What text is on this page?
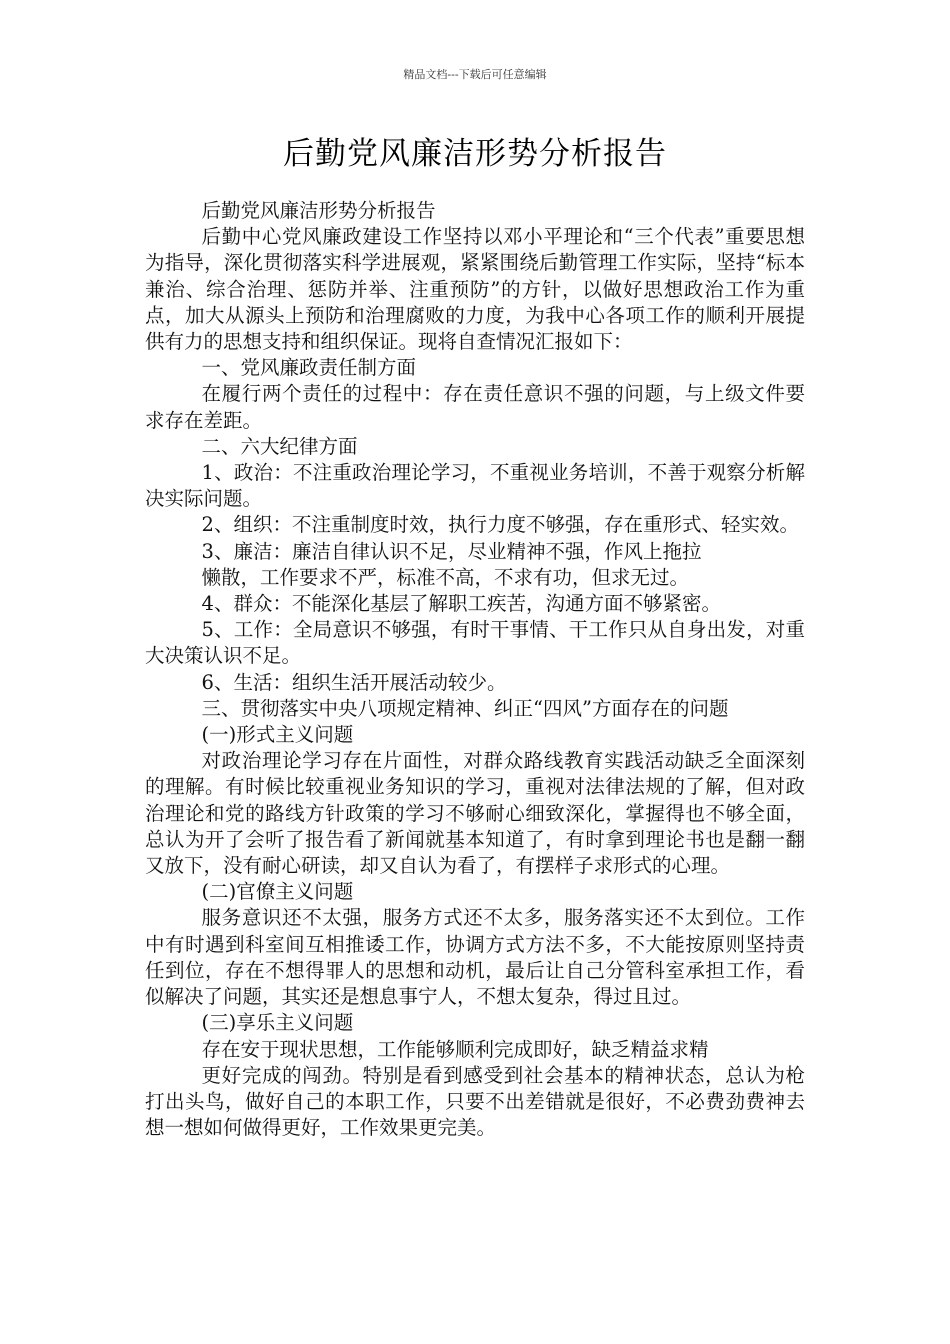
精品文档---下载后可任意编辑
后勤党风廉洁形势分析报告

后勤党风廉洁形势分析报告

后勤中心党风廉政建设工作坚持以邓小平理论和“三个代表”重要思想为指导，深化贯彻落实科学进展观，紧紧围绕后勤管理工作实际，坚持“标本兼治、综合治理、惩防并举、注重预防”的方针，以做好思想政治工作为重点，加大从源头上预防和治理腐败的力度，为我中心各项工作的顺利开展提供有力的思想支持和组织保证。现将自查情况汇报如下：

一、党风廉政责任制方面

在履行两个责任的过程中：存在责任意识不强的问题，与上级文件要求存在差距。

二、六大纪律方面

1、政治：不注重政治理论学习，不重视业务培训，不善于观察分析解决实际问题。

2、组织：不注重制度时效，执行力度不够强，存在重形式、轻实效。

3、廉洁：廉洁自律认识不足，尽业精神不强，作风上拖拉

懒散，工作要求不严，标准不高，不求有功，但求无过。

4、群众：不能深化基层了解职工疾苦，沟通方面不够紧密。

5、工作：全局意识不够强，有时干事情、干工作只从自身出发，对重大决策认识不足。

6、生活：组织生活开展活动较少。

三、贯彻落实中央八项规定精神、纠正“四风”方面存在的问题

(一)形式主义问题

对政治理论学习存在片面性，对群众路线教育实践活动缺乏全面深刻的理解。有时候比较重视业务知识的学习，重视对法律法规的了解，但对政治理论和党的路线方针政策的学习不够耐心细致深化，掌握得也不够全面，总认为开了会听了报告看了新闻就基本知道了，有时拿到理论书也是翻一翻又放下，没有耐心研读，却又自认为看了，有摆样子求形式的心理。

(二)官僚主义问题

服务意识还不太强，服务方式还不太多，服务落实还不太到位。工作中有时遇到科室间互相推诿工作，协调方式方法不多，不大能按原则坚持责任到位，存在不想得罪人的思想和动机，最后让自己分管科室承担工作，看似解决了问题，其实还是想息事宁人，不想太复杂，得过且过。

(三)享乐主义问题

存在安于现状思想，工作能够顺利完成即好，缺乏精益求精

更好完成的闯劲。特别是看到感受到社会基本的精神状态，总认为枪打出头鸟，做好自己的本职工作，只要不出差错就是很好，不必费劲费神去想一想如何做得更好，工作效果更完美。
